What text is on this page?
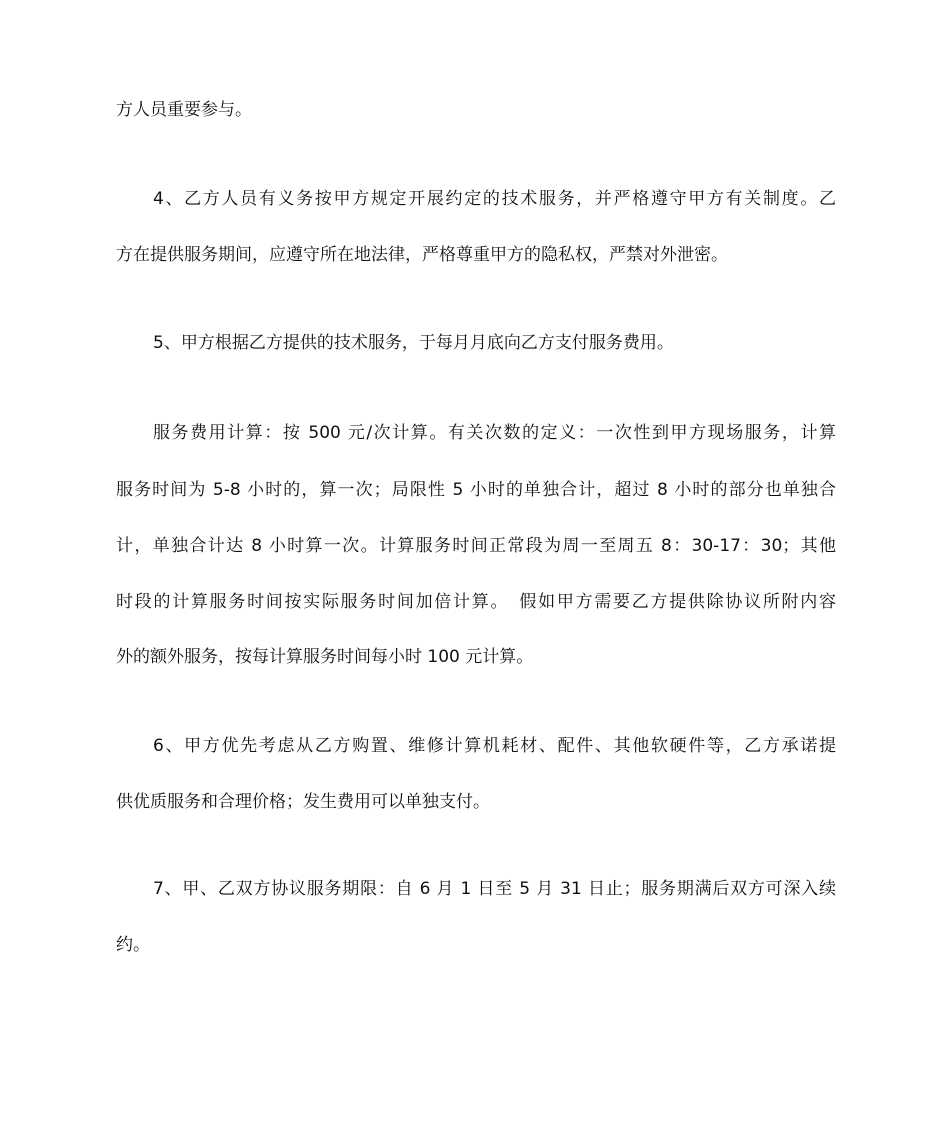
方人员重要参与。
4、乙方人员有义务按甲方规定开展约定的技术服务，并严格遵守甲方有关制度。乙
方在提供服务期间，应遵守所在地法律，严格尊重甲方的隐私权，严禁对外泄密。
5、甲方根据乙方提供的技术服务，于每月月底向乙方支付服务费用。
服务费用计算：按 500 元/次计算。有关次数的定义：一次性到甲方现场服务，计算
服务时间为 5-8 小时的，算一次；局限性 5 小时的单独合计，超过 8 小时的部分也单独合
计，单独合计达 8 小时算一次。计算服务时间正常段为周一至周五 8：30-17：30；其他
时段的计算服务时间按实际服务时间加倍计算。　假如甲方需要乙方提供除协议所附内容
外的额外服务，按每计算服务时间每小时 100 元计算。
6、甲方优先考虑从乙方购置、维修计算机耗材、配件、其他软硬件等，乙方承诺提
供优质服务和合理价格；发生费用可以单独支付。
7、甲、乙双方协议服务期限：自 6 月 1 日至 5 月 31 日止；服务期满后双方可深入续
约。
